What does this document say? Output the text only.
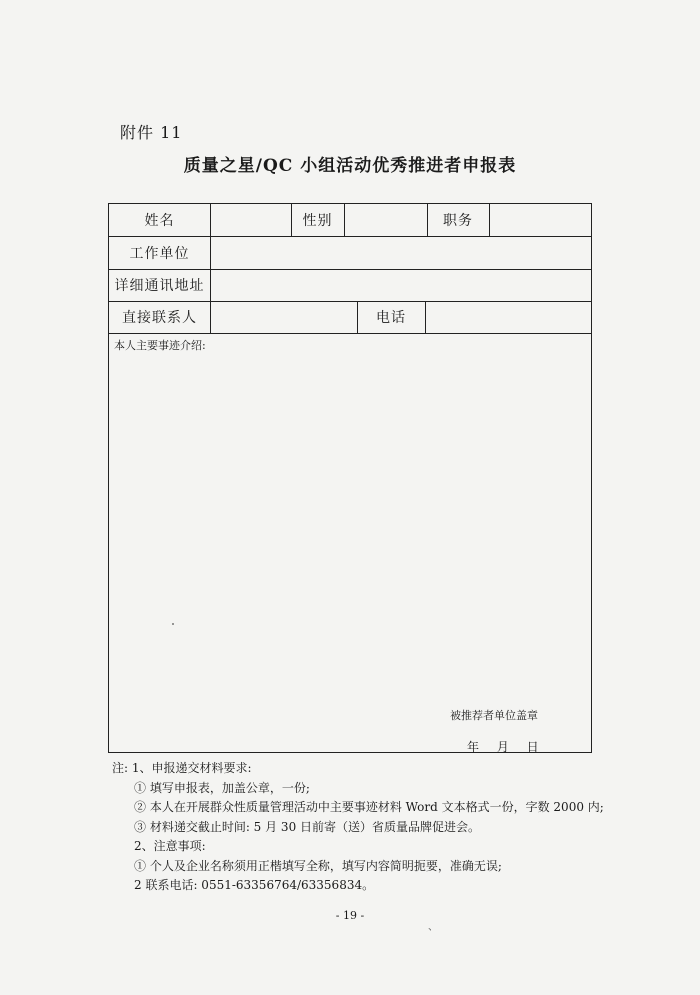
附件 11
质量之星/QC 小组活动优秀推进者申报表
姓名	性别	职务
工作单位
详细通讯地址
直接联系人	电话
本人主要事迹介绍:
被推荐者单位盖章
年 月 日
注: 1、申报递交材料要求:
① 填写申报表，加盖公章，一份;
② 本人在开展群众性质量管理活动中主要事迹材料 Word 文本格式一份，字数 2000 内;
③ 材料递交截止时间: 5 月 30 日前寄（送）省质量品牌促进会。
2、注意事项:
① 个人及企业名称须用正楷填写全称，填写内容简明扼要，准确无误;
2 联系电话: 0551-63356764/63356834。
- 19 -
、
